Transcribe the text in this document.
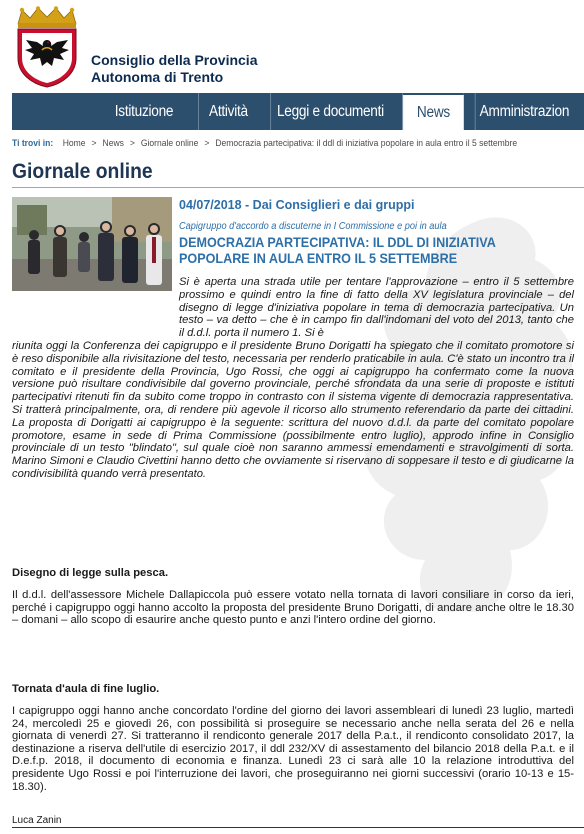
Consiglio della Provincia
Autonoma di Trento
Istituzione	Attività	Leggi e documenti	News	Amministrazion
Ti trovi in: Home > News > Giornale online > Democrazia partecipativa: il ddl di iniziativa popolare in aula entro il 5 settembre
Giornale online
04/07/2018 - Dai Consiglieri e dai gruppi
Capigruppo d'accordo a discuterne in I Commissione e poi in aula
DEMOCRAZIA PARTECIPATIVA: IL DDL DI INIZIATIVA POPOLARE IN AULA ENTRO IL 5 SETTEMBRE

Si è aperta una strada utile per tentare l'approvazione – entro il 5 settembre prossimo e quindi entro la fine di fatto della XV legislatura provinciale – del disegno di legge d'iniziativa popolare in tema di democrazia partecipativa. Un testo – va detto – che è in campo fin dall'indomani del voto del 2013, tanto che il d.d.l. porta il numero 1. Si è

riunita oggi la Conferenza dei capigruppo e il presidente Bruno Dorigatti ha spiegato che il comitato promotore si è reso disponibile alla rivisitazione del testo, necessaria per renderlo praticabile in aula. C'è stato un incontro tra il comitato e il presidente della Provincia, Ugo Rossi, che oggi ai capigruppo ha confermato come la nuova versione può risultare condivisibile dal governo provinciale, perché sfrondata da una serie di proposte e istituti partecipativi ritenuti fin da subito come troppo in contrasto con il sistema vigente di democrazia rappresentativa. Si tratterà principalmente, ora, di rendere più agevole il ricorso allo strumento referendario da parte dei cittadini. La proposta di Dorigatti ai capigruppo è la seguente: scrittura del nuovo d.d.l. da parte del comitato popolare promotore, esame in sede di Prima Commissione (possibilmente entro luglio), approdo infine in Consiglio provinciale di un testo "blindato", sul quale cioè non saranno ammessi emendamenti e stravolgimenti di sorta. Marino Simoni e Claudio Civettini hanno detto che ovviamente si riservano di soppesare il testo e di giudicarne la condivisibilità quando verrà presentato.

Disegno di legge sulla pesca.

Il d.d.l. dell'assessore Michele Dallapiccola può essere votato nella tornata di lavori consiliare in corso da ieri, perché i capigruppo oggi hanno accolto la proposta del presidente Bruno Dorigatti, di andare anche oltre le 18.30 – domani – allo scopo di esaurire anche questo punto e anzi l'intero ordine del giorno.

Tornata d'aula di fine luglio.

I capigruppo oggi hanno anche concordato l'ordine del giorno dei lavori assembleari di lunedì 23 luglio, martedì 24, mercoledì 25 e giovedì 26, con possibilità si proseguire se necessario anche nella serata del 26 e nella giornata di venerdì 27. Si tratteranno il rendiconto generale 2017 della P.a.t., il rendiconto consolidato 2017, la destinazione a riserva dell'utile di esercizio 2017, il ddl 232/XV di assestamento del bilancio 2018 della P.a.t. e il D.e.f.p. 2018, il documento di economia e finanza. Lunedì 23 ci sarà alle 10 la relazione introduttiva del presidente Ugo Rossi e poi l'interruzione dei lavori, che proseguiranno nei giorni successivi (orario 10-13 e 15-18.30).

Luca Zanin
